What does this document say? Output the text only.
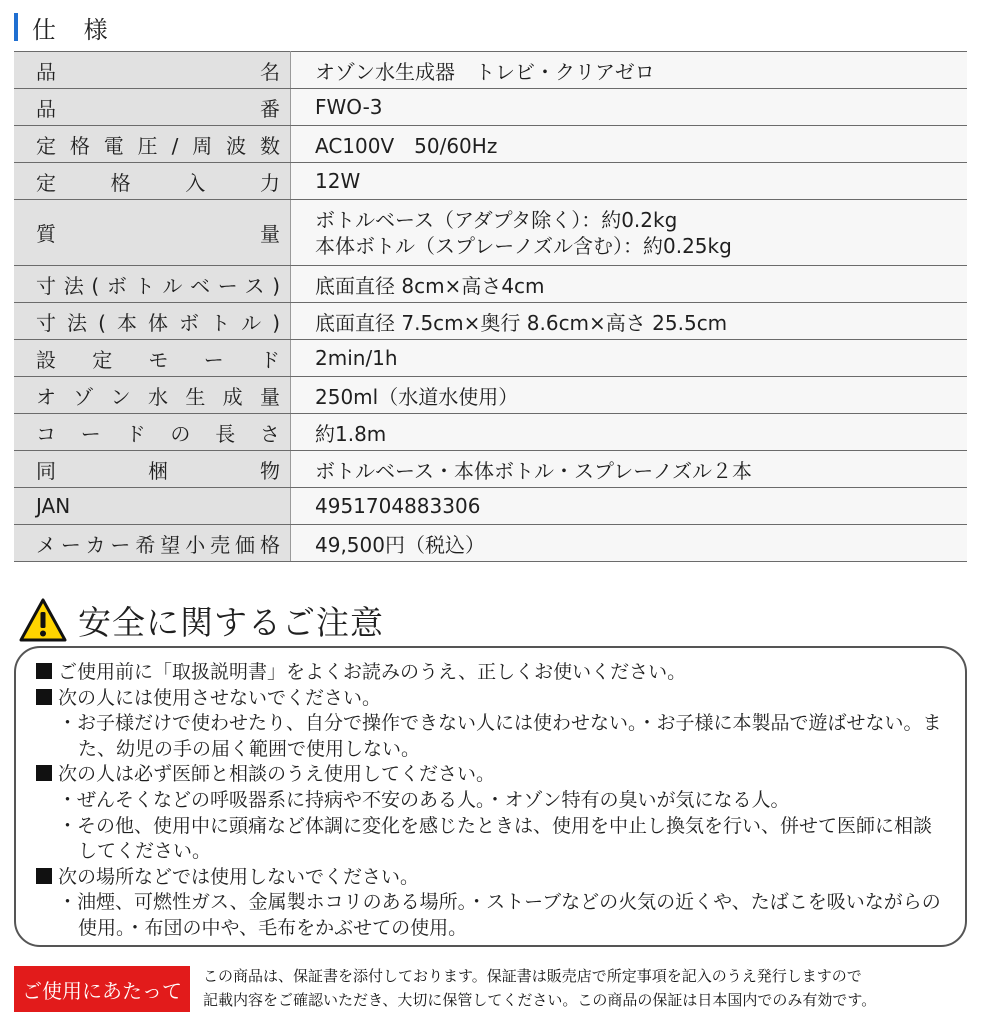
仕 様
品名	オゾン水生成器　トレビ・クリアゼロ

品番	FWO-3

定格電圧/周波数	AC100V　50/60Hz

定格入力	12W

質量	ボトルベース（アダプタ除く）：約0.2kg
本体ボトル（スプレーノズル含む）：約0.25kg

寸法(ボトルベース)	底面直径 8cm×高さ4cm

寸法(本体ボトル)	底面直径 7.5cm×奥行 8.6cm×高さ 25.5cm

設定モード	2min/1h

オゾン水生成量	250ml（水道水使用）

コードの長さ	約1.8m

同梱物	ボトルベース・本体ボトル・スプレーノズル２本

JAN	4951704883306

メーカー希望小売価格	49,500円（税込）
安全に関するご注意

ご使用前に「取扱説明書」をよくお読みのうえ、正しくお使いください。

次の人には使用させないでください。

・お子様だけで使わせたり、自分で操作できない人には使わせない。・お子様に本製品で遊ばせない。また、幼児の手の届く範囲で使用しない。

次の人は必ず医師と相談のうえ使用してください。

・ぜんそくなどの呼吸器系に持病や不安のある人。・オゾン特有の臭いが気になる人。

・その他、使用中に頭痛など体調に変化を感じたときは、使用を中止し換気を行い、併せて医師に相談してください。

次の場所などでは使用しないでください。

・油煙、可燃性ガス、金属製ホコリのある場所。・ストーブなどの火気の近くや、たばこを吸いながらの使用。・布団の中や、毛布をかぶせての使用。

ご使用にあたって
この商品は、保証書を添付しております。保証書は販売店で所定事項を記入のうえ発行しますので
記載内容をご確認いただき、大切に保管してください。この商品の保証は日本国内でのみ有効です。
